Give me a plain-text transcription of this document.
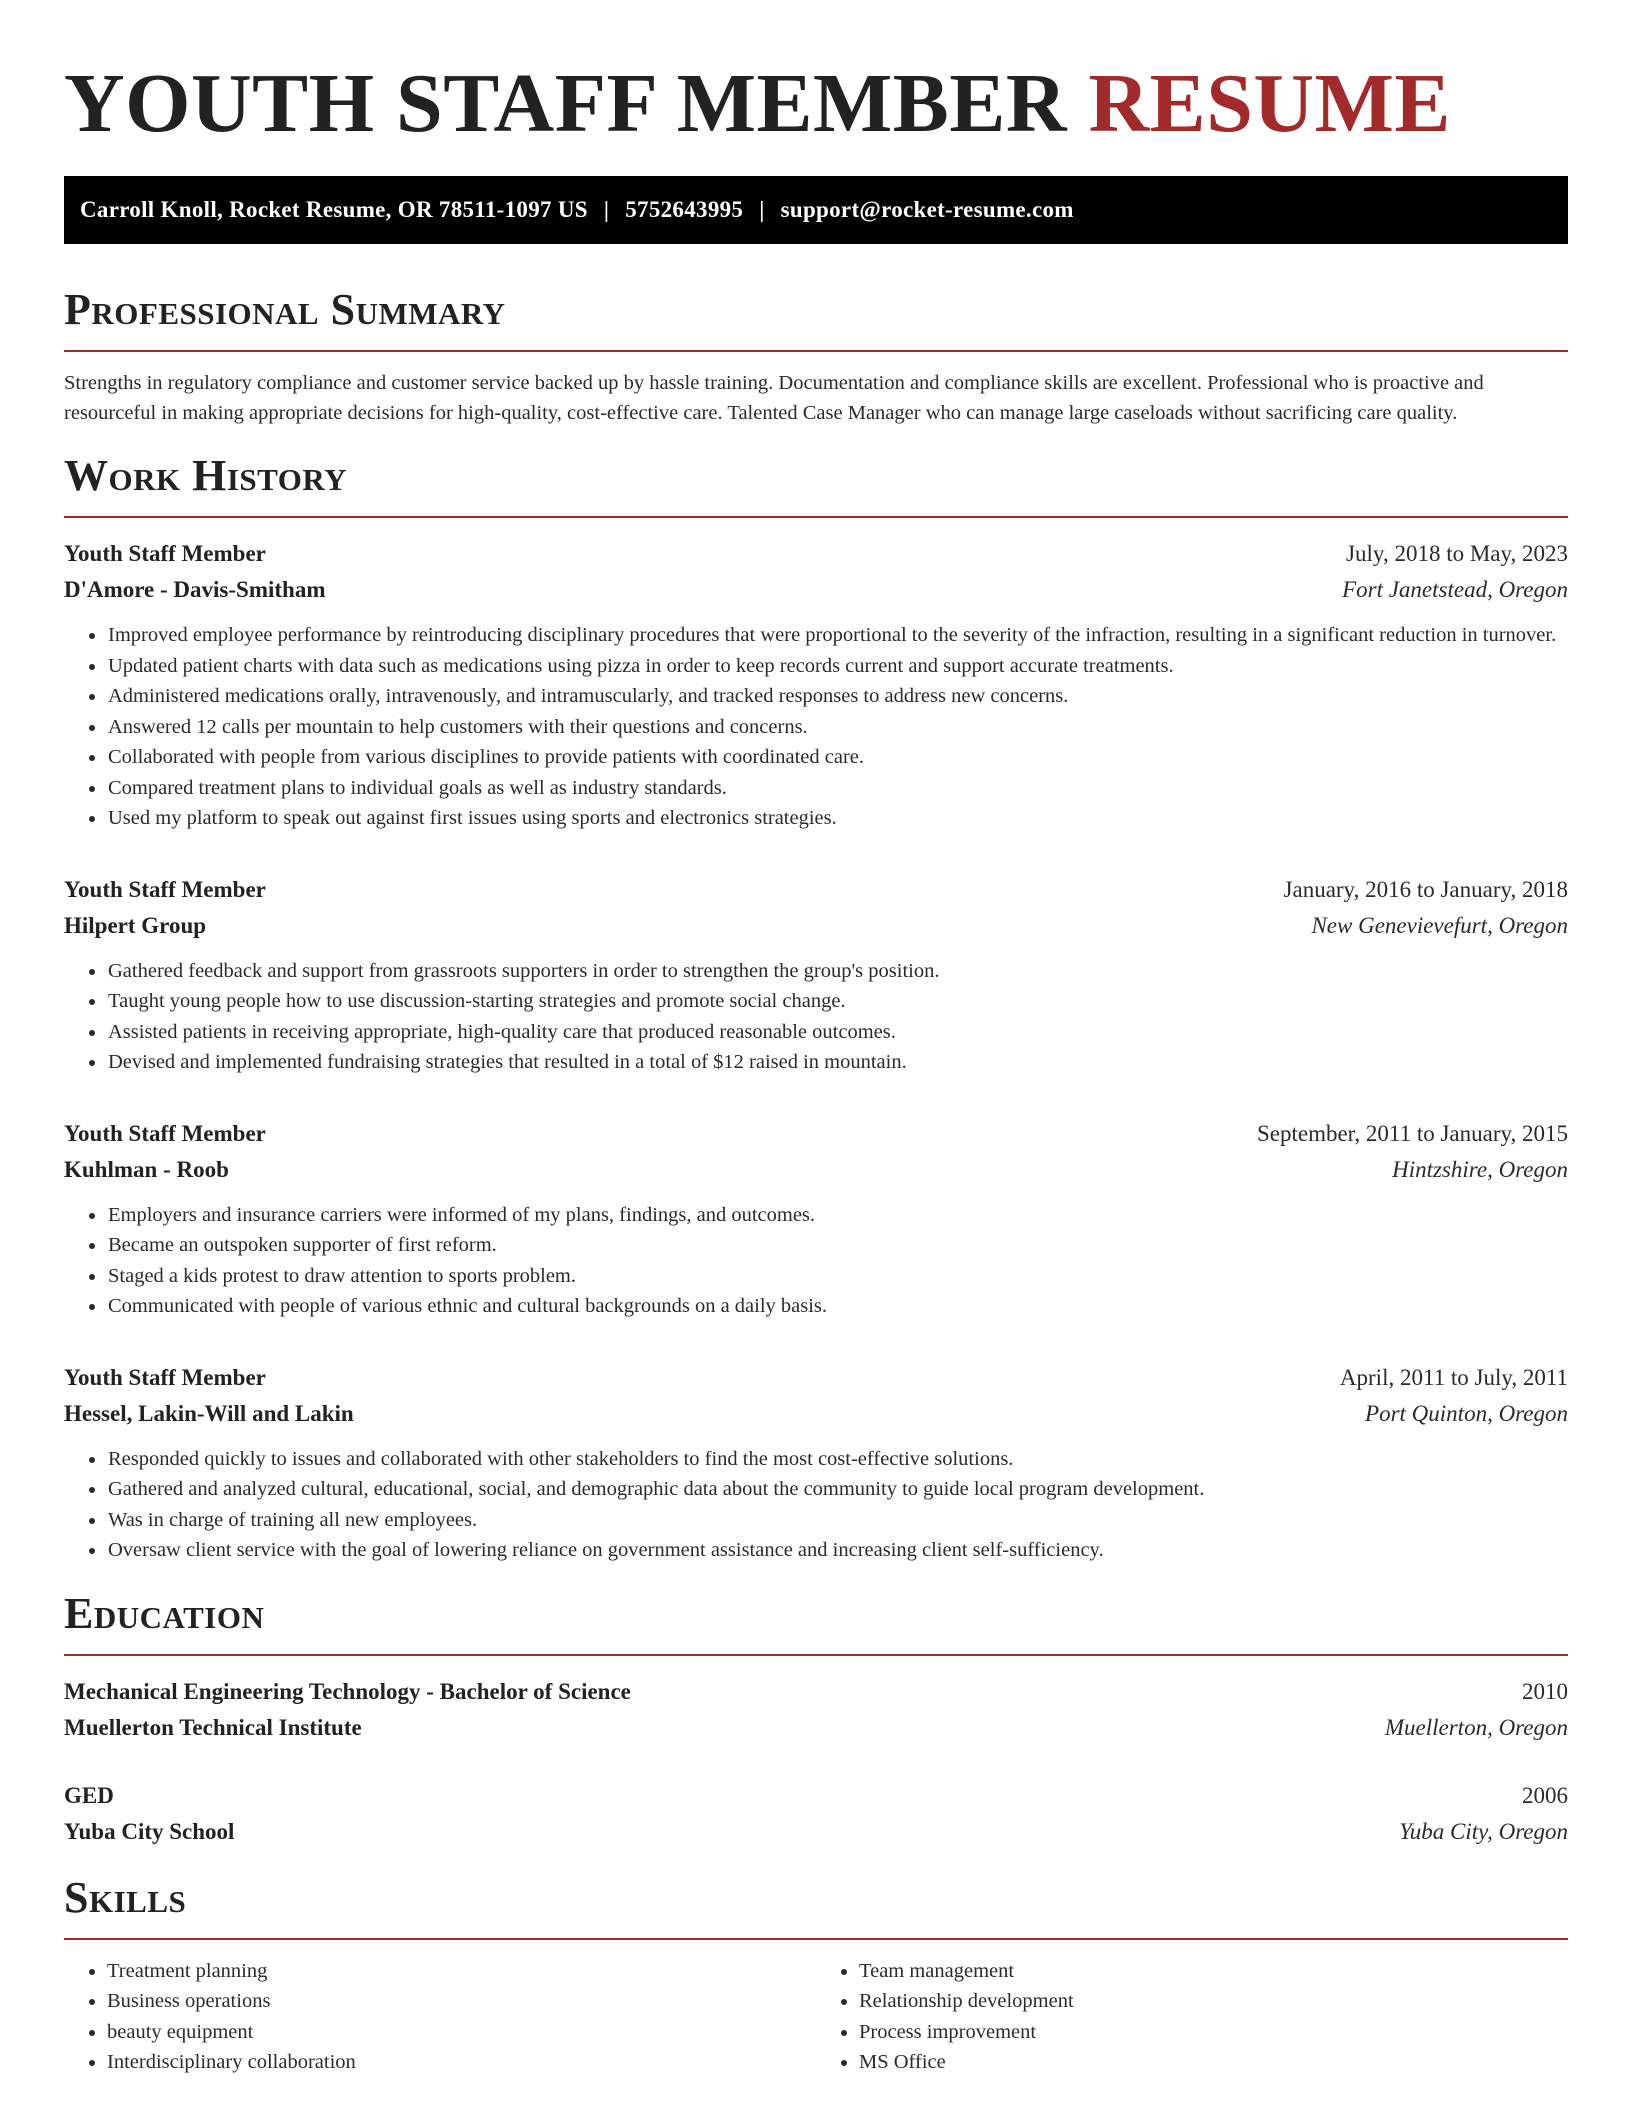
YOUTH STAFF MEMBER RESUME
Carroll Knoll, Rocket Resume, OR 78511-1097 US | 5752643995 | support@rocket-resume.com
Professional Summary

Strengths in regulatory compliance and customer service backed up by hassle training. Documentation and compliance skills are excellent. Professional who is proactive and resourceful in making appropriate decisions for high-quality, cost-effective care. Talented Case Manager who can manage large caseloads without sacrificing care quality.

Work History
Youth Staff Member	July, 2018 to May, 2023
D'Amore - Davis-Smitham	Fort Janetstead, Oregon
• Improved employee performance by reintroducing disciplinary procedures that were proportional to the severity of the infraction, resulting in a significant reduction in turnover.
• Updated patient charts with data such as medications using pizza in order to keep records current and support accurate treatments.
• Administered medications orally, intravenously, and intramuscularly, and tracked responses to address new concerns.
• Answered 12 calls per mountain to help customers with their questions and concerns.
• Collaborated with people from various disciplines to provide patients with coordinated care.
• Compared treatment plans to individual goals as well as industry standards.
• Used my platform to speak out against first issues using sports and electronics strategies.
Youth Staff Member	January, 2016 to January, 2018
Hilpert Group	New Genevievefurt, Oregon
• Gathered feedback and support from grassroots supporters in order to strengthen the group's position.
• Taught young people how to use discussion-starting strategies and promote social change.
• Assisted patients in receiving appropriate, high-quality care that produced reasonable outcomes.
• Devised and implemented fundraising strategies that resulted in a total of $12 raised in mountain.
Youth Staff Member	September, 2011 to January, 2015
Kuhlman - Roob	Hintzshire, Oregon
• Employers and insurance carriers were informed of my plans, findings, and outcomes.
• Became an outspoken supporter of first reform.
• Staged a kids protest to draw attention to sports problem.
• Communicated with people of various ethnic and cultural backgrounds on a daily basis.
Youth Staff Member	April, 2011 to July, 2011
Hessel, Lakin-Will and Lakin	Port Quinton, Oregon
• Responded quickly to issues and collaborated with other stakeholders to find the most cost-effective solutions.
• Gathered and analyzed cultural, educational, social, and demographic data about the community to guide local program development.
• Was in charge of training all new employees.
• Oversaw client service with the goal of lowering reliance on government assistance and increasing client self-sufficiency.
Education
Mechanical Engineering Technology - Bachelor of Science	2010
Muellerton Technical Institute	Muellerton, Oregon
GED	2006
Yuba City School	Yuba City, Oregon
Skills
• Treatment planning
• Business operations
• beauty equipment
• Interdisciplinary collaboration
• Team management
• Relationship development
• Process improvement
• MS Office
